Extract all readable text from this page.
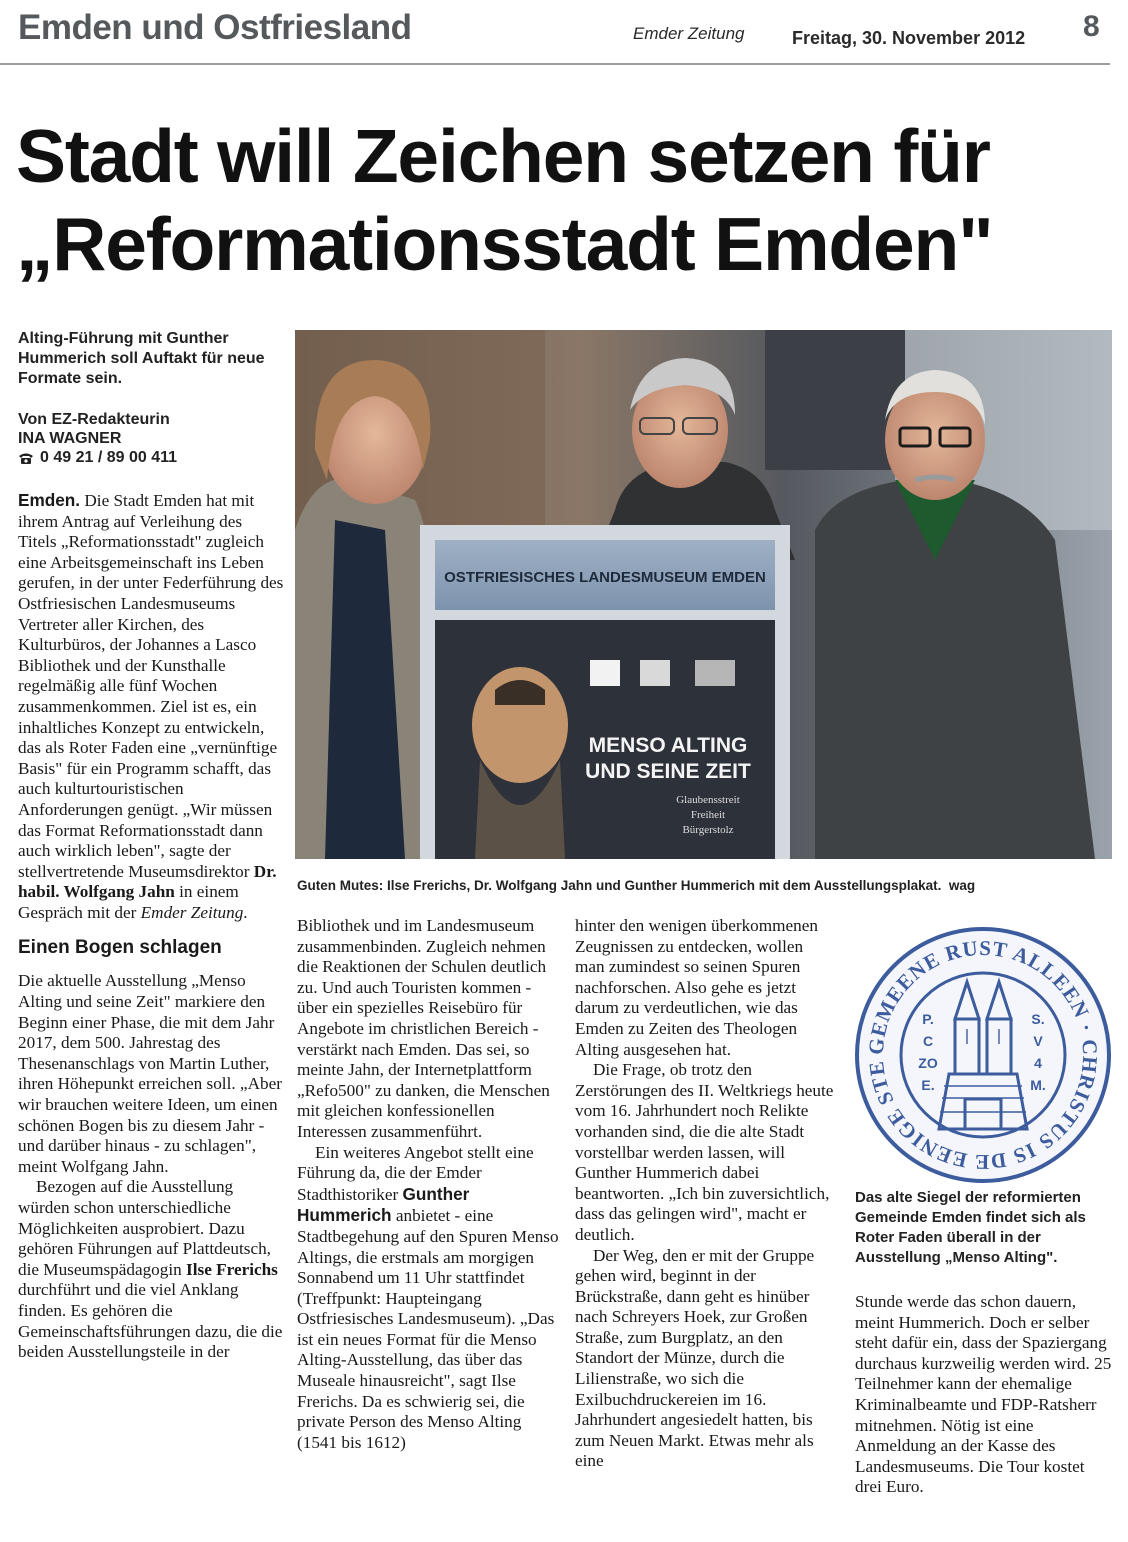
Emden und Ostfriesland	Emder Zeitung	Freitag, 30. November 2012 8
Stadt will Zeichen setzen für
„Reformationsstadt Emden"
Alting-Führung mit Gunther Hummerich soll Auftakt für neue Formate sein.
Von EZ-Redakteurin
INA WAGNER
0 49 21 / 89 00 411

Emden. Die Stadt Emden hat mit ihrem Antrag auf Verleihung des Titels „Reformationsstadt" zugleich eine Arbeitsgemeinschaft ins Leben gerufen, in der unter Federführung des Ostfriesischen Landesmuseums Vertreter aller Kirchen, des Kulturbüros, der Johannes a Lasco Bibliothek und der Kunsthalle regelmäßig alle fünf Wochen zusammenkommen. Ziel ist es, ein inhaltliches Konzept zu entwickeln, das als Roter Faden eine „vernünftige Basis" für ein Programm schafft, das auch kulturtouristischen Anforderungen genügt. „Wir müssen das Format Reformationsstadt dann auch wirklich leben", sagte der stellvertretende Museumsdirektor Dr. habil. Wolfgang Jahn in einem Gespräch mit der Emder Zeitung.

Einen Bogen schlagen

Die aktuelle Ausstellung „Menso Alting und seine Zeit" markiere den Beginn einer Phase, die mit dem Jahr 2017, dem 500. Jahrestag des Thesenanschlags von Martin Luther, ihren Höhepunkt erreichen soll. „Aber wir brauchen weitere Ideen, um einen schönen Bogen bis zu diesem Jahr - und darüber hinaus - zu schlagen", meint Wolfgang Jahn.

Bezogen auf die Ausstellung würden schon unterschiedliche Möglichkeiten ausprobiert. Dazu gehören Führungen auf Plattdeutsch, die Museumspädagogin Ilse Frerichs durchführt und die viel Anklang finden. Es gehören die Gemeinschaftsführungen dazu, die die beiden Ausstellungsteile in der

OSTFRIESISCHES LANDESMUSEUM EMDEN
MENSO ALTING
UND SEINE ZEIT
Glaubensstreit
Freiheit
Bürgerstolz
Guten Mutes: Ilse Frerichs, Dr. Wolfgang Jahn und Gunther Hummerich mit dem Ausstellungsplakat. wag

Bibliothek und im Landesmuseum zusammenbinden. Zugleich nehmen die Reaktionen der Schulen deutlich zu. Und auch Touristen kommen - über ein spezielles Reisebüro für Angebote im christlichen Bereich - verstärkt nach Emden. Das sei, so meinte Jahn, der Internetplattform „Refo500" zu danken, die Menschen mit gleichen konfessionellen Interessen zusammenführt.

Ein weiteres Angebot stellt eine Führung da, die der Emder Stadthistoriker Gunther Hummerich anbietet - eine Stadtbegehung auf den Spuren Menso Altings, die erstmals am morgigen Sonnabend um 11 Uhr stattfindet (Treffpunkt: Haupteingang Ostfriesisches Landesmuseum). „Das ist ein neues Format für die Menso Alting-Ausstellung, das über das Museale hinausreicht", sagt Ilse Frerichs. Da es schwierig sei, die private Person des Menso Alting (1541 bis 1612)

hinter den wenigen überkommenen Zeugnissen zu entdecken, wollen man zumindest so seinen Spuren nachforschen. Also gehe es jetzt darum zu verdeutlichen, wie das Emden zu Zeiten des Theologen Alting ausgesehen hat.

Die Frage, ob trotz den Zerstörungen des II. Weltkriegs heute vom 16. Jahrhundert noch Relikte vorhanden sind, die die alte Stadt vorstellbar werden lassen, will Gunther Hummerich dabei beantworten. „Ich bin zuversichtlich, dass das gelingen wird", macht er deutlich.

Der Weg, den er mit der Gruppe gehen wird, beginnt in der Brückstraße, dann geht es hinüber nach Schreyers Hoek, zur Großen Straße, zum Burgplatz, an den Standort der Münze, durch die Lilienstraße, wo sich die Exilbuchdruckereien im 16. Jahrhundert angesiedelt hatten, bis zum Neuen Markt. Etwas mehr als eine

GEMEENE RUST ALLEEN · CHRISTUS IS DE EENIGE STE
P.
C
ZO
E.
S.
V
4
M.
Das alte Siegel der reformierten Gemeinde Emden findet sich als Roter Faden überall in der Ausstellung „Menso Alting".

Stunde werde das schon dauern, meint Hummerich. Doch er selber steht dafür ein, dass der Spaziergang durchaus kurzweilig werden wird. 25 Teilnehmer kann der ehemalige Kriminalbeamte und FDP-Ratsherr mitnehmen. Nötig ist eine Anmeldung an der Kasse des Landesmuseums. Die Tour kostet drei Euro.
